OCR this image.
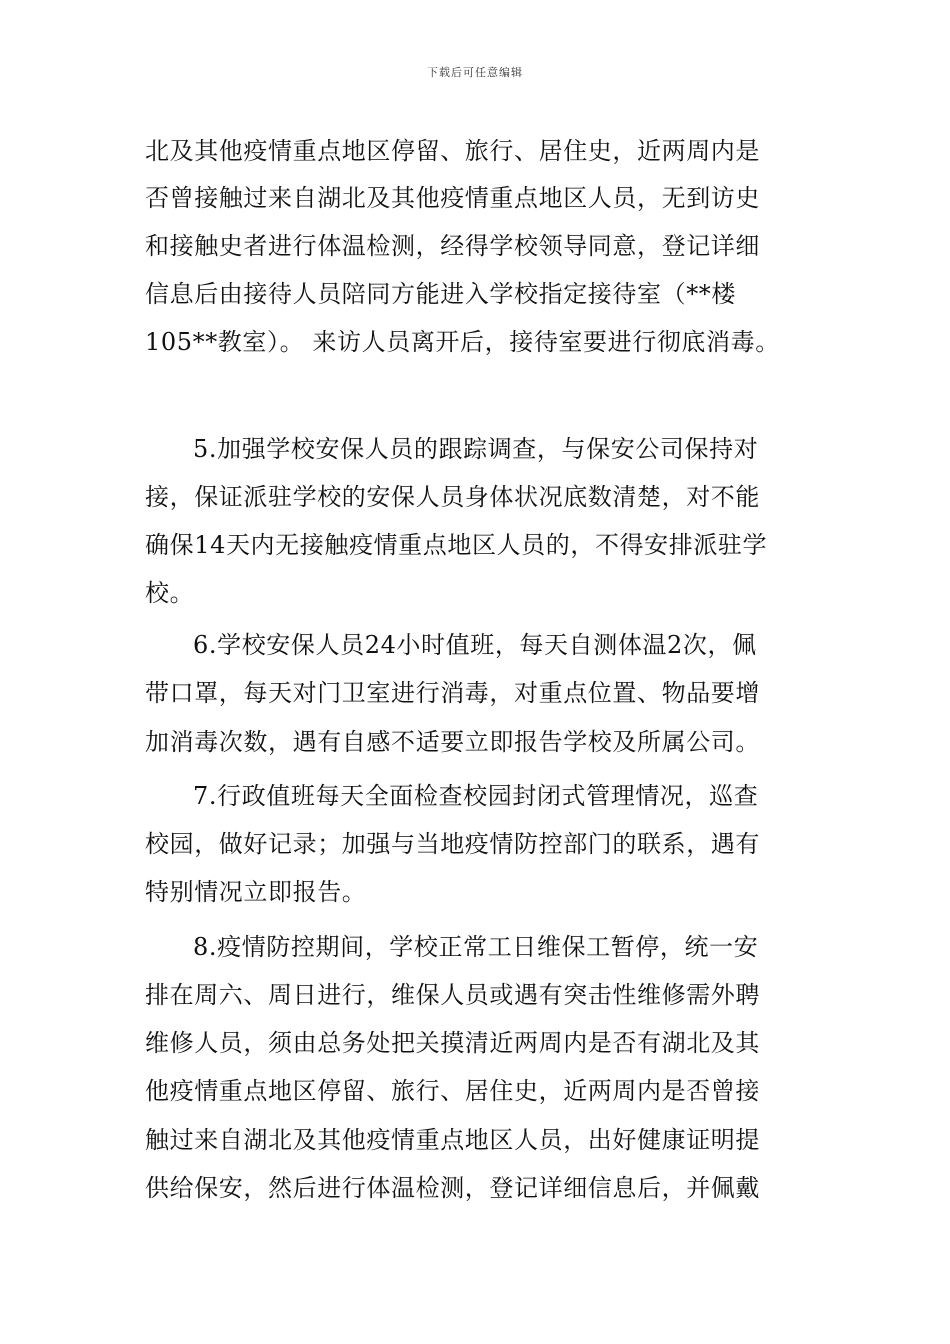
下载后可任意编辑
北及其他疫情重点地区停留、旅行、居住史，近两周内是
否曾接触过来自湖北及其他疫情重点地区人员，无到访史
和接触史者进行体温检测，经得学校领导同意，登记详细
信息后由接待人员陪同方能进入学校指定接待室（**楼
105**教室）。 来访人员离开后，接待室要进行彻底消毒。
5.加强学校安保人员的跟踪调查，与保安公司保持对
接，保证派驻学校的安保人员身体状况底数清楚，对不能
确保14天内无接触疫情重点地区人员的，不得安排派驻学
校。
6.学校安保人员24小时值班，每天自测体温2次，佩
带口罩，每天对门卫室进行消毒，对重点位置、物品要增
加消毒次数，遇有自感不适要立即报告学校及所属公司。
7.行政值班每天全面检查校园封闭式管理情况，巡查
校园，做好记录；加强与当地疫情防控部门的联系，遇有
特别情况立即报告。
8.疫情防控期间，学校正常工日维保工暂停，统一安
排在周六、周日进行，维保人员或遇有突击性维修需外聘
维修人员，须由总务处把关摸清近两周内是否有湖北及其
他疫情重点地区停留、旅行、居住史，近两周内是否曾接
触过来自湖北及其他疫情重点地区人员，出好健康证明提
供给保安，然后进行体温检测，登记详细信息后，并佩戴
